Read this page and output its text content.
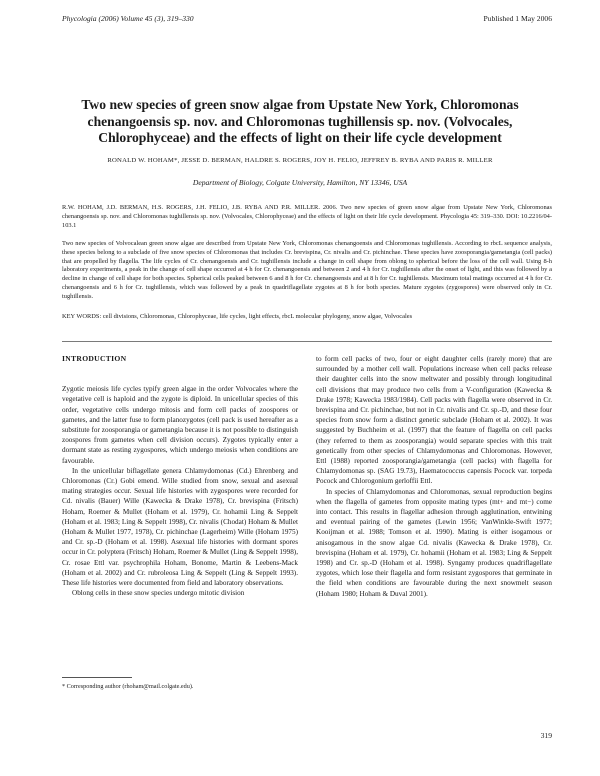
Phycologia (2006) Volume 45 (3), 319–330	Published 1 May 2006
Two new species of green snow algae from Upstate New York, Chloromonas chenangoensis sp. nov. and Chloromonas tughillensis sp. nov. (Volvocales, Chlorophyceae) and the effects of light on their life cycle development
RONALD W. HOHAM*, JESSE D. BERMAN, HALDRE S. ROGERS, JOY H. FELIO, JEFFREY B. RYBA AND PARIS R. MILLER
Department of Biology, Colgate University, Hamilton, NY 13346, USA
R.W. HOHAM, J.D. BERMAN, H.S. ROGERS, J.H. FELIO, J.B. RYBA AND P.R. MILLER. 2006. Two new species of green snow algae from Upstate New York, Chloromonas chenangoensis sp. nov. and Chloromonas tughillensis sp. nov. (Volvocales, Chlorophyceae) and the effects of light on their life cycle development. Phycologia 45: 319–330. DOI: 10.2216/04-103.1
Two new species of Volvocalean green snow algae are described from Upstate New York, Chloromonas chenangoensis and Chloromonas tughillensis. According to rbcL sequence analysis, these species belong to a subclade of five snow species of Chloromonas that includes Cr. brevispina, Cr. nivalis and Cr. pichinchae. These species have zoosporangia/gametangia (cell packs) that are propelled by flagella. The life cycles of Cr. chenangoensis and Cr. tughillensis include a change in cell shape from oblong to spherical before the loss of the cell wall. Using 8-h laboratory experiments, a peak in the change of cell shape occurred at 4 h for Cr. chenangoensis and between 2 and 4 h for Cr. tughillensis after the onset of light, and this was followed by a decline in change of cell shape for both species. Spherical cells peaked between 6 and 8 h for Cr. chenangoensis and at 8 h for Cr. tughillensis. Maximum total matings occurred at 4 h for Cr. chenangoensis and 6 h for Cr. tughillensis, which was followed by a peak in quadriflagellate zygotes at 8 h for both species. Mature zygotes (zygospores) were observed only in Cr. tughillensis.
KEY WORDS: cell divisions, Chloromonas, Chlorophyceae, life cycles, light effects, rbcL molecular phylogeny, snow algae, Volvocales
INTRODUCTION

Zygotic meiosis life cycles typify green algae in the order Volvocales where the vegetative cell is haploid and the zygote is diploid. In unicellular species of this order, vegetative cells undergo mitosis and form cell packs of zoospores or gametes, and the latter fuse to form planozygotes (cell pack is used hereafter as a substitute for zoosporangia or gametangia because it is not possible to distinguish zoospores from gametes when cell division occurs). Zygotes typically enter a dormant state as resting zygospores, which undergo meiosis when conditions are favourable.

In the unicellular biflagellate genera Chlamydomonas (Cd.) Ehrenberg and Chloromonas (Cr.) Gobi emend. Wille studied from snow, sexual and asexual mating strategies occur. Sexual life histories with zygospores were recorded for Cd. nivalis (Bauer) Wille (Kawecka & Drake 1978), Cr. brevispina (Fritsch) Hoham, Roemer & Mullet (Hoham et al. 1979), Cr. hohamii Ling & Seppelt (Hoham et al. 1983; Ling & Seppelt 1998), Cr. nivalis (Chodat) Hoham & Mullet (Hoham & Mullet 1977, 1978), Cr. pichinchae (Lagerheim) Wille (Hoham 1975) and Cr. sp.-D (Hoham et al. 1998). Asexual life histories with dormant spores occur in Cr. polyptera (Fritsch) Hoham, Roemer & Mullet (Ling & Seppelt 1998), Cr. rosae Ettl var. psychrophila Hoham, Bonome, Martin & Leebens-Mack (Hoham et al. 2002) and Cr. rubroleosa Ling & Seppelt (Ling & Seppelt 1993). These life histories were documented from field and laboratory observations.

Oblong cells in these snow species undergo mitotic division

to form cell packs of two, four or eight daughter cells (rarely more) that are surrounded by a mother cell wall. Populations increase when cell packs release their daughter cells into the snow meltwater and possibly through longitudinal cell divisions that may produce two cells from a V-configuration (Kawecka & Drake 1978; Kawecka 1983/1984). Cell packs with flagella were observed in Cr. brevispina and Cr. pichinchae, but not in Cr. nivalis and Cr. sp.-D, and these four species from snow form a distinct genetic subclade (Hoham et al. 2002). It was suggested by Buchheim et al. (1997) that the feature of flagella on cell packs (they referred to them as zoosporangia) would separate species with this trait genetically from other species of Chlamydomonas and Chloromonas. However, Ettl (1988) reported zoosporangia/gametangia (cell packs) with flagella for Chlamydomonas sp. (SAG 19.73), Haematococcus capensis Pocock var. torpeda Pocock and Chlorogonium gerloffii Ettl.

In species of Chlamydomonas and Chloromonas, sexual reproduction begins when the flagella of gametes from opposite mating types (mt+ and mt−) come into contact. This results in flagellar adhesion through agglutination, entwining and eventual pairing of the gametes (Lewin 1956; VanWinkle-Swift 1977; Kooijman et al. 1988; Tomson et al. 1990). Mating is either isogamous or anisogamous in the snow algae Cd. nivalis (Kawecka & Drake 1978), Cr. brevispina (Hoham et al. 1979), Cr. hohamii (Hoham et al. 1983; Ling & Seppelt 1998) and Cr. sp.-D (Hoham et al. 1998). Syngamy produces quadriflagellate zygotes, which lose their flagella and form resistant zygospores that germinate in the field when conditions are favourable during the next snowmelt season (Hoham 1980; Hoham & Duval 2001).

* Corresponding author (rhoham@mail.colgate.edu).
319
